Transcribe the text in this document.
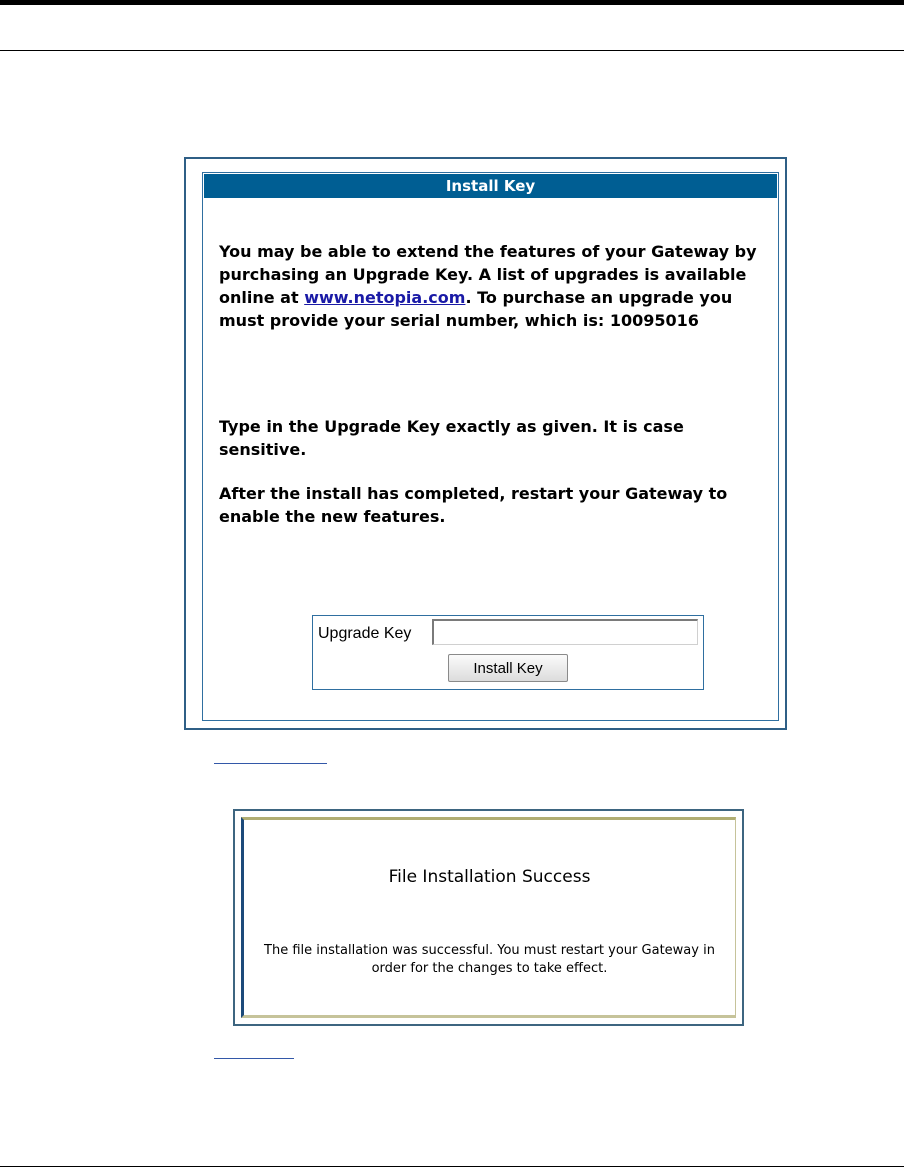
Install Key
You may be able to extend the features of your Gateway by purchasing an Upgrade Key. A list of upgrades is available online at www.netopia.com. To purchase an upgrade you must provide your serial number, which is: 10095016
Type in the Upgrade Key exactly as given. It is case sensitive.
After the install has completed, restart your Gateway to enable the new features.
Upgrade Key
Install Key
File Installation Success
The file installation was successful. You must restart your Gateway in order for the changes to take effect.
